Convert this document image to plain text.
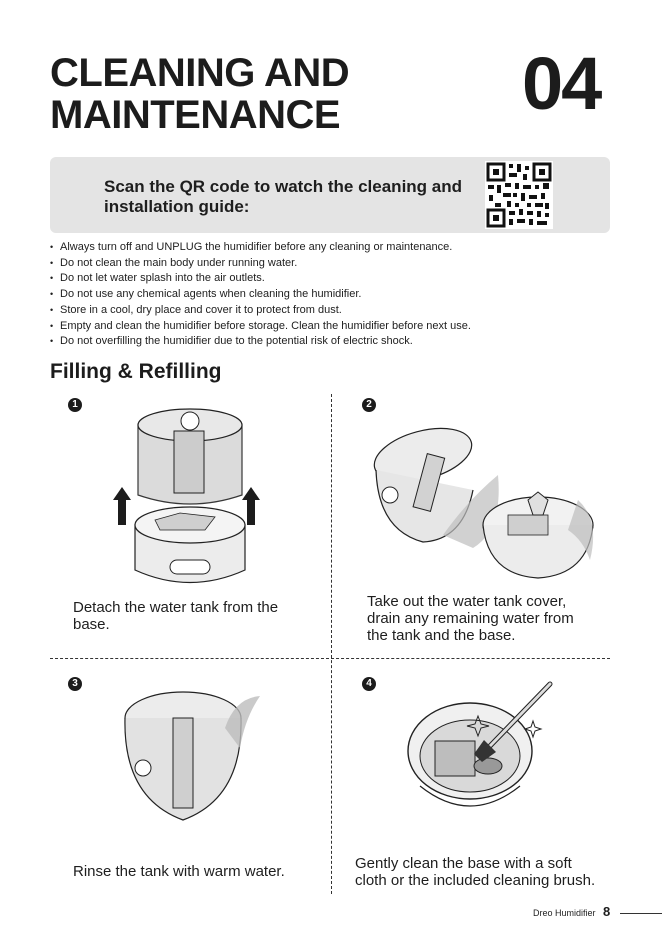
CLEANING AND
MAINTENANCE 04
Scan the QR code to watch the cleaning and
installation guide:
• Always turn off and UNPLUG the humidifier before any cleaning or maintenance.
• Do not clean the main body under running water.
• Do not let water splash into the air outlets.
• Do not use any chemical agents when cleaning the humidifier.
• Store in a cool, dry place and cover it to protect from dust.
• Empty and clean the humidifier before storage. Clean the humidifier before next use.
• Do not overfilling the humidifier due to the potential risk of electric shock.
Filling & Refilling
1
Detach the water tank from the
base.
2
Take out the water tank cover,
drain any remaining water from
the tank and the base.
3
Rinse the tank with warm water.
4
Gently clean the base with a soft
cloth or the included cleaning brush.
Dreo Humidifier 8
